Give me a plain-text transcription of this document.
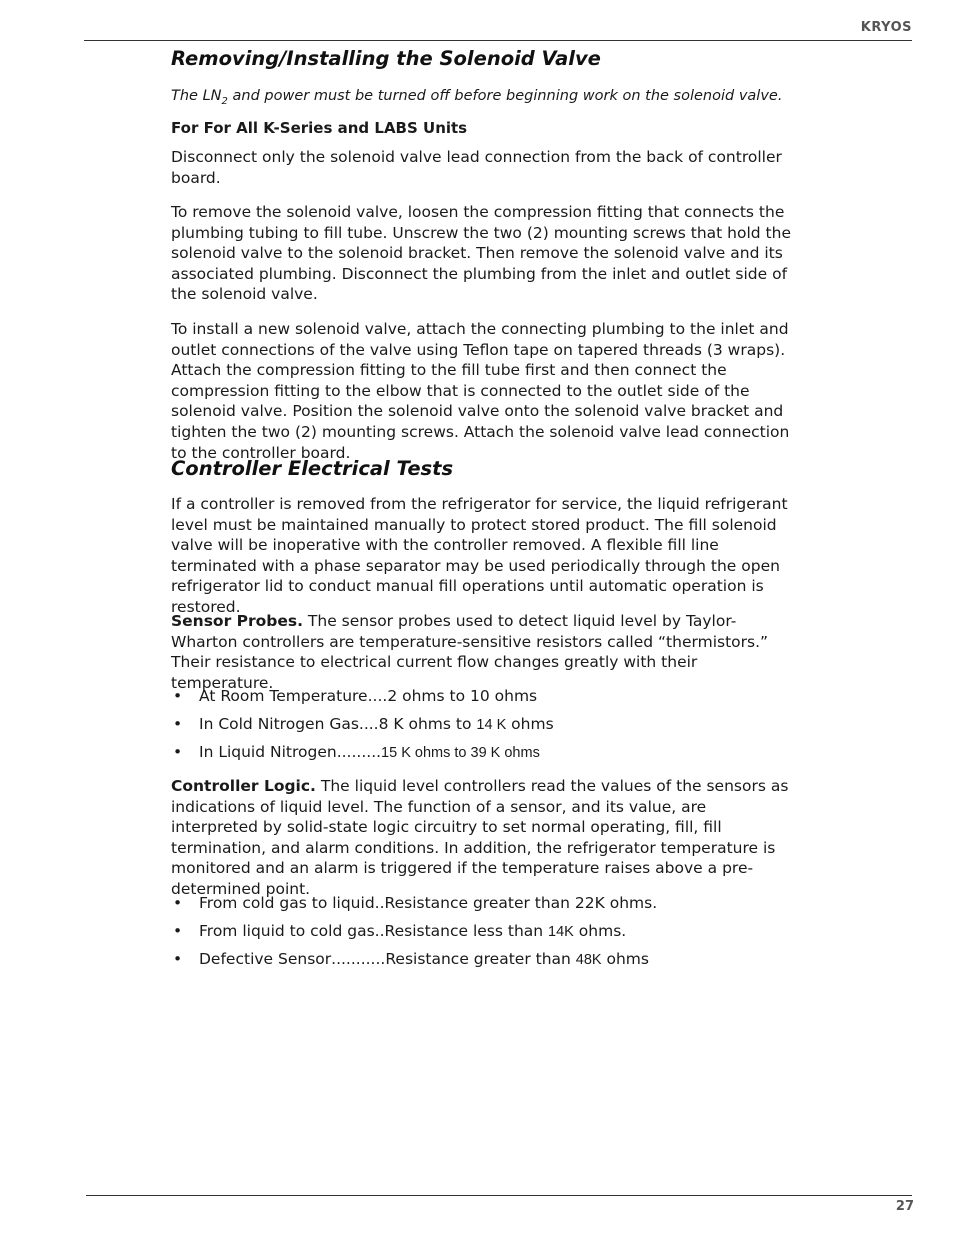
KRYOS
Removing/Installing the Solenoid Valve

The $LN_2$ and power must be turned off before beginning work on the solenoid valve.

For For All K-Series and LABS Units

Disconnect only the solenoid valve lead connection from the back of controller board.

To remove the solenoid valve, loosen the compression fitting that connects the plumbing tubing to fill tube. Unscrew the two (2) mounting screws that hold the solenoid valve to the solenoid bracket. Then remove the solenoid valve and its associated plumbing. Disconnect the plumbing from the inlet and outlet side of the solenoid valve.

To install a new solenoid valve, attach the connecting plumbing to the inlet and outlet connections of the valve using Teflon tape on tapered threads (3 wraps). Attach the compression fitting to the fill tube first and then connect the compression fitting to the elbow that is connected to the outlet side of the solenoid valve. Position the solenoid valve onto the solenoid valve bracket and tighten the two (2) mounting screws. Attach the solenoid valve lead connection to the controller board.

Controller Electrical Tests

If a controller is removed from the refrigerator for service, the liquid refrigerant level must be maintained manually to protect stored product. The fill solenoid valve will be inoperative with the controller removed. A flexible fill line terminated with a phase separator may be used periodically through the open refrigerator lid to conduct manual fill operations until automatic operation is restored.

Sensor Probes. The sensor probes used to detect liquid level by Taylor-Wharton controllers are temperature-sensitive resistors called “thermistors.” Their resistance to electrical current flow changes greatly with their temperature.

• At Room Temperature....2 ohms to 10 ohms
• In Cold Nitrogen Gas....8 K ohms to 14 K ohms
• In Liquid Nitrogen.........15 K ohms to 39 K ohms

Controller Logic. The liquid level controllers read the values of the sensors as indications of liquid level. The function of a sensor, and its value, are interpreted by solid-state logic circuitry to set normal operating, fill, fill termination, and alarm conditions. In addition, the refrigerator temperature is monitored and an alarm is triggered if the temperature raises above a pre-determined point.

• From cold gas to liquid..Resistance greater than 22K ohms.
• From liquid to cold gas..Resistance less than 14K ohms.
• Defective Sensor...........Resistance greater than 48K ohms
27
